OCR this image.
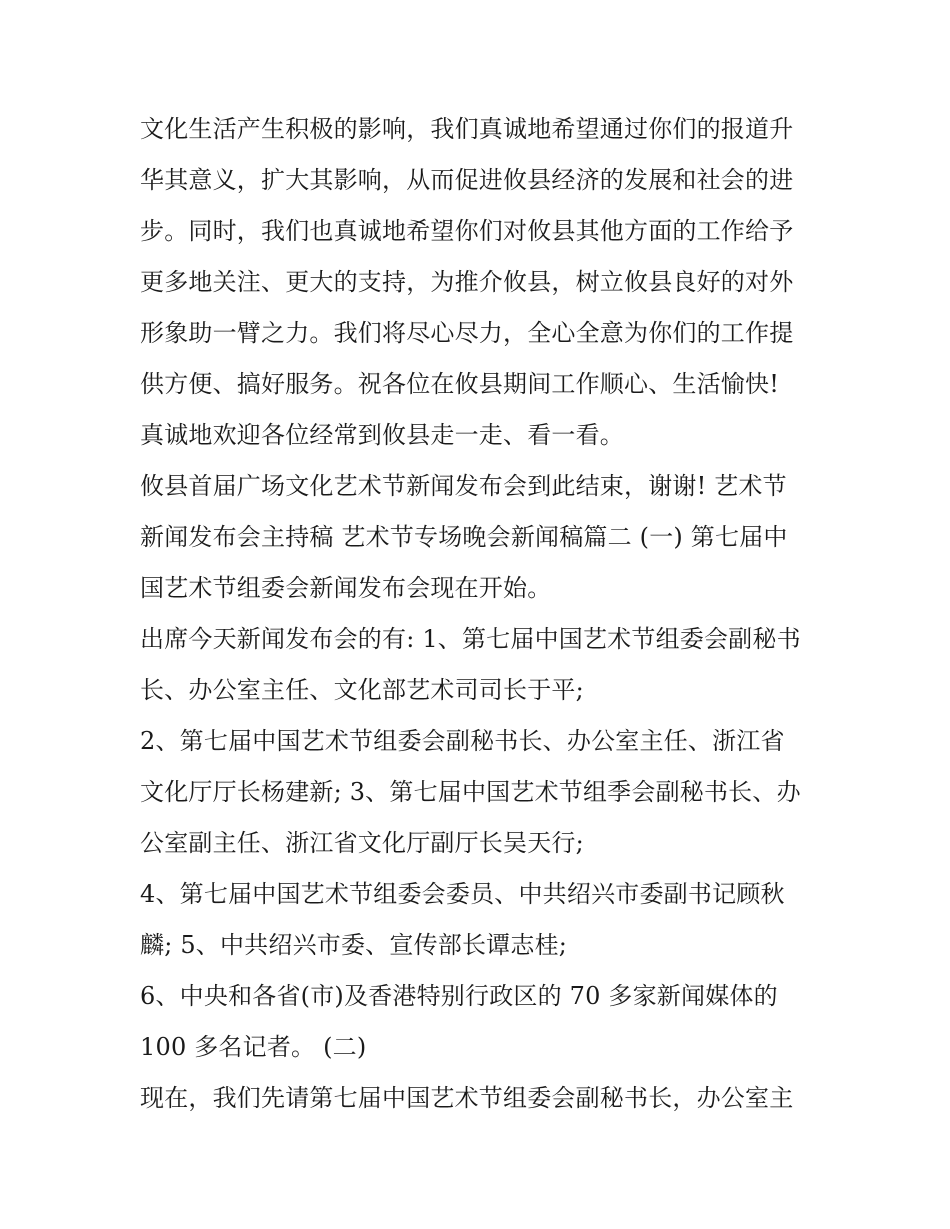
文化生活产生积极的影响，我们真诚地希望通过你们的报道升
华其意义，扩大其影响，从而促进攸县经济的发展和社会的进
步。同时，我们也真诚地希望你们对攸县其他方面的工作给予
更多地关注、更大的支持，为推介攸县，树立攸县良好的对外
形象助一臂之力。我们将尽心尽力，全心全意为你们的工作提
供方便、搞好服务。祝各位在攸县期间工作顺心、生活愉快!
真诚地欢迎各位经常到攸县走一走、看一看。
攸县首届广场文化艺术节新闻发布会到此结束，谢谢! 艺术节
新闻发布会主持稿 艺术节专场晚会新闻稿篇二 (一) 第七届中
国艺术节组委会新闻发布会现在开始。
出席今天新闻发布会的有: 1、第七届中国艺术节组委会副秘书
长、办公室主任、文化部艺术司司长于平;
2、第七届中国艺术节组委会副秘书长、办公室主任、浙江省
文化厅厅长杨建新; 3、第七届中国艺术节组季会副秘书长、办
公室副主任、浙江省文化厅副厅长吴天行;
4、第七届中国艺术节组委会委员、中共绍兴市委副书记顾秋
麟; 5、中共绍兴市委、宣传部长谭志桂;
6、中央和各省(市)及香港特别行政区的 70 多家新闻媒体的
100 多名记者。 (二)
现在，我们先请第七届中国艺术节组委会副秘书长，办公室主
